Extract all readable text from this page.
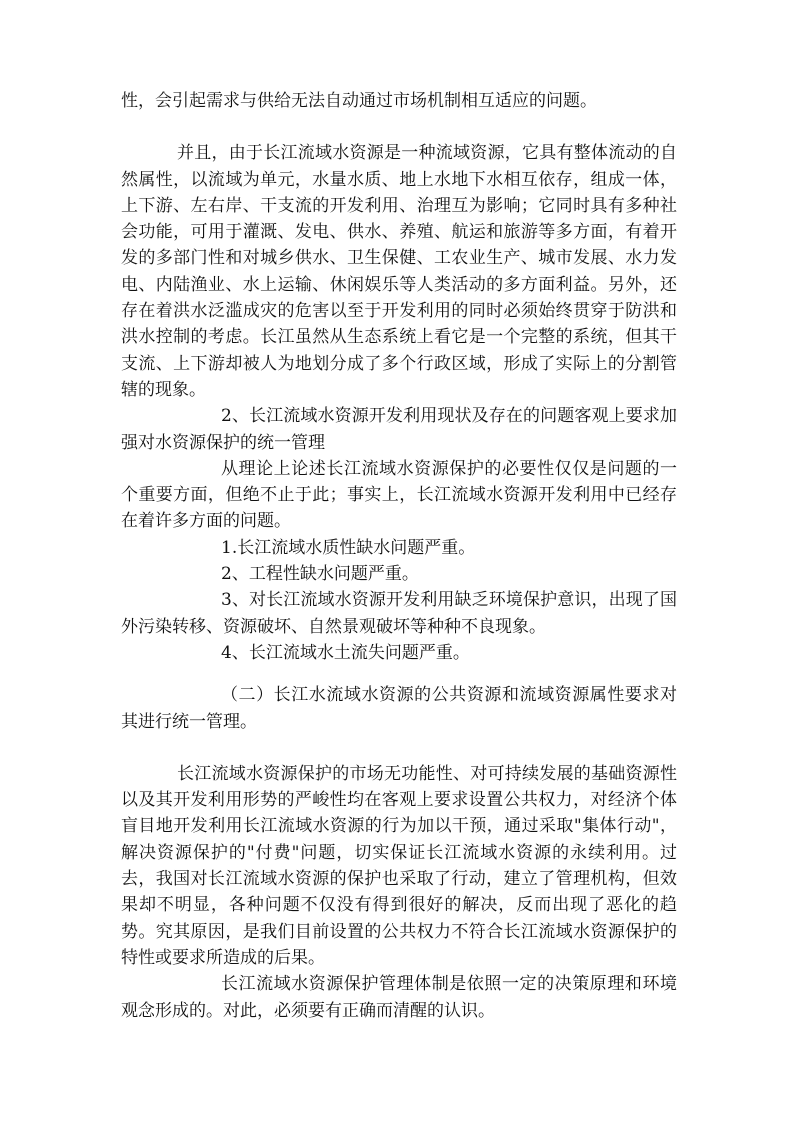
性，会引起需求与供给无法自动通过市场机制相互适应的问题。

并且，由于长江流域水资源是一种流域资源，它具有整体流动的自然属性，以流域为单元，水量水质、地上水地下水相互依存，组成一体，上下游、左右岸、干支流的开发利用、治理互为影响；它同时具有多种社会功能，可用于灌溉、发电、供水、养殖、航运和旅游等多方面，有着开发的多部门性和对城乡供水、卫生保健、工农业生产、城市发展、水力发电、内陆渔业、水上运输、休闲娱乐等人类活动的多方面利益。另外，还存在着洪水泛滥成灾的危害以至于开发利用的同时必须始终贯穿于防洪和洪水控制的考虑。长江虽然从生态系统上看它是一个完整的系统，但其干支流、上下游却被人为地划分成了多个行政区域，形成了实际上的分割管辖的现象。

2、长江流域水资源开发利用现状及存在的问题客观上要求加强对水资源保护的统一管理

从理论上论述长江流域水资源保护的必要性仅仅是问题的一个重要方面，但绝不止于此；事实上，长江流域水资源开发利用中已经存在着许多方面的问题。

1.长江流域水质性缺水问题严重。

2、工程性缺水问题严重。

3、对长江流域水资源开发利用缺乏环境保护意识，出现了国外污染转移、资源破坏、自然景观破坏等种种不良现象。

4、长江流域水土流失问题严重。

（二）长江水流域水资源的公共资源和流域资源属性要求对其进行统一管理。

长江流域水资源保护的市场无功能性、对可持续发展的基础资源性以及其开发利用形势的严峻性均在客观上要求设置公共权力，对经济个体盲目地开发利用长江流域水资源的行为加以干预，通过采取"集体行动"，解决资源保护的"付费"问题，切实保证长江流域水资源的永续利用。过去，我国对长江流域水资源的保护也采取了行动，建立了管理机构，但效果却不明显，各种问题不仅没有得到很好的解决，反而出现了恶化的趋势。究其原因，是我们目前设置的公共权力不符合长江流域水资源保护的特性或要求所造成的后果。

长江流域水资源保护管理体制是依照一定的决策原理和环境观念形成的。对此，必须要有正确而清醒的认识。
